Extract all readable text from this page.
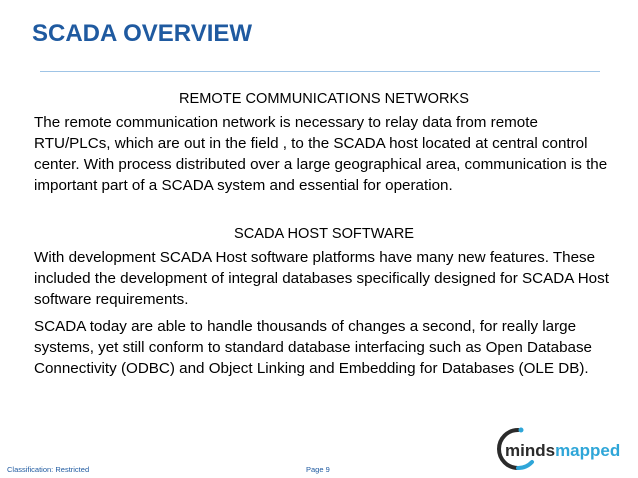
SCADA OVERVIEW

REMOTE COMMUNICATIONS NETWORKS

The remote communication network is necessary to relay data from remote RTU/PLCs, which are out in the field , to the SCADA host located at central control center. With process distributed over a large geographical area, communication is the important part of a SCADA system and essential for operation.

SCADA HOST SOFTWARE

With development SCADA Host software platforms have many new features. These included the development of integral databases specifically designed for SCADA Host software requirements.

SCADA today are able to handle thousands of changes a second, for really large systems, yet still conform to standard database interfacing such as Open Database Connectivity (ODBC) and Object Linking and Embedding for Databases (OLE DB).

Classification: Restricted	Page 9
mindsmapped
